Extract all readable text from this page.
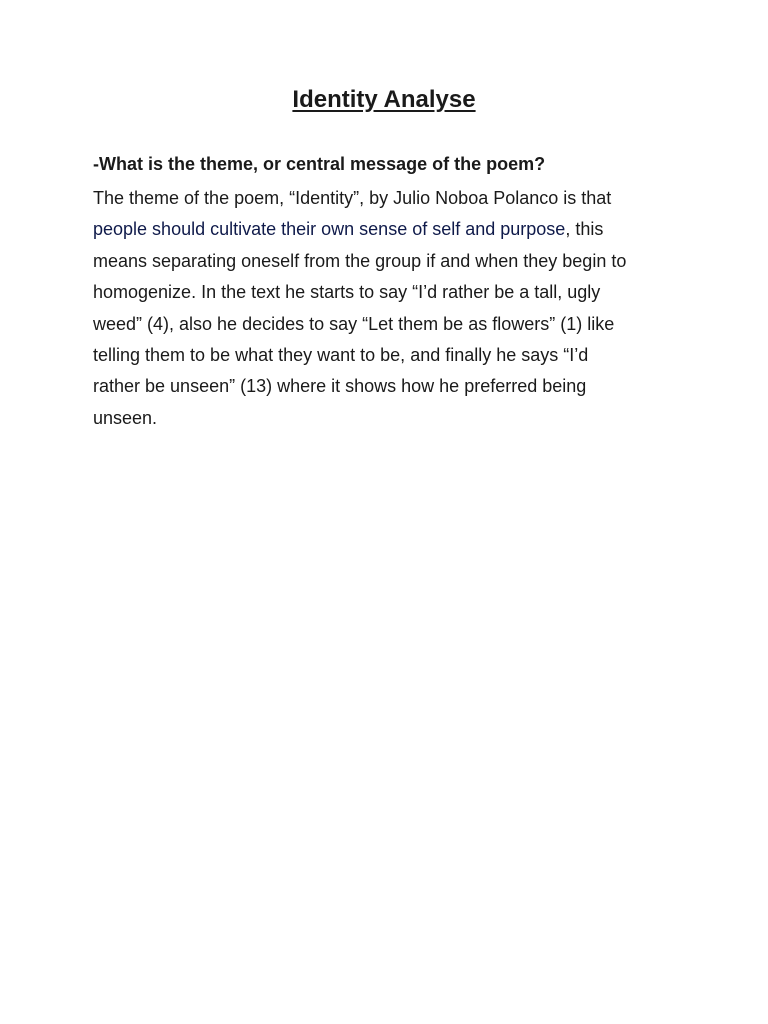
Identity Analyse

-What is the theme, or central message of the poem?

The theme of the poem, “Identity”, by Julio Noboa Polanco is that
people should cultivate their own sense of self and purpose, this
means separating oneself from the group if and when they begin to
homogenize. In the text he starts to say “I’d rather be a tall, ugly
weed” (4), also he decides to say “Let them be as flowers” (1) like
telling them to be what they want to be, and finally he says “I’d
rather be unseen” (13) where it shows how he preferred being
unseen.
